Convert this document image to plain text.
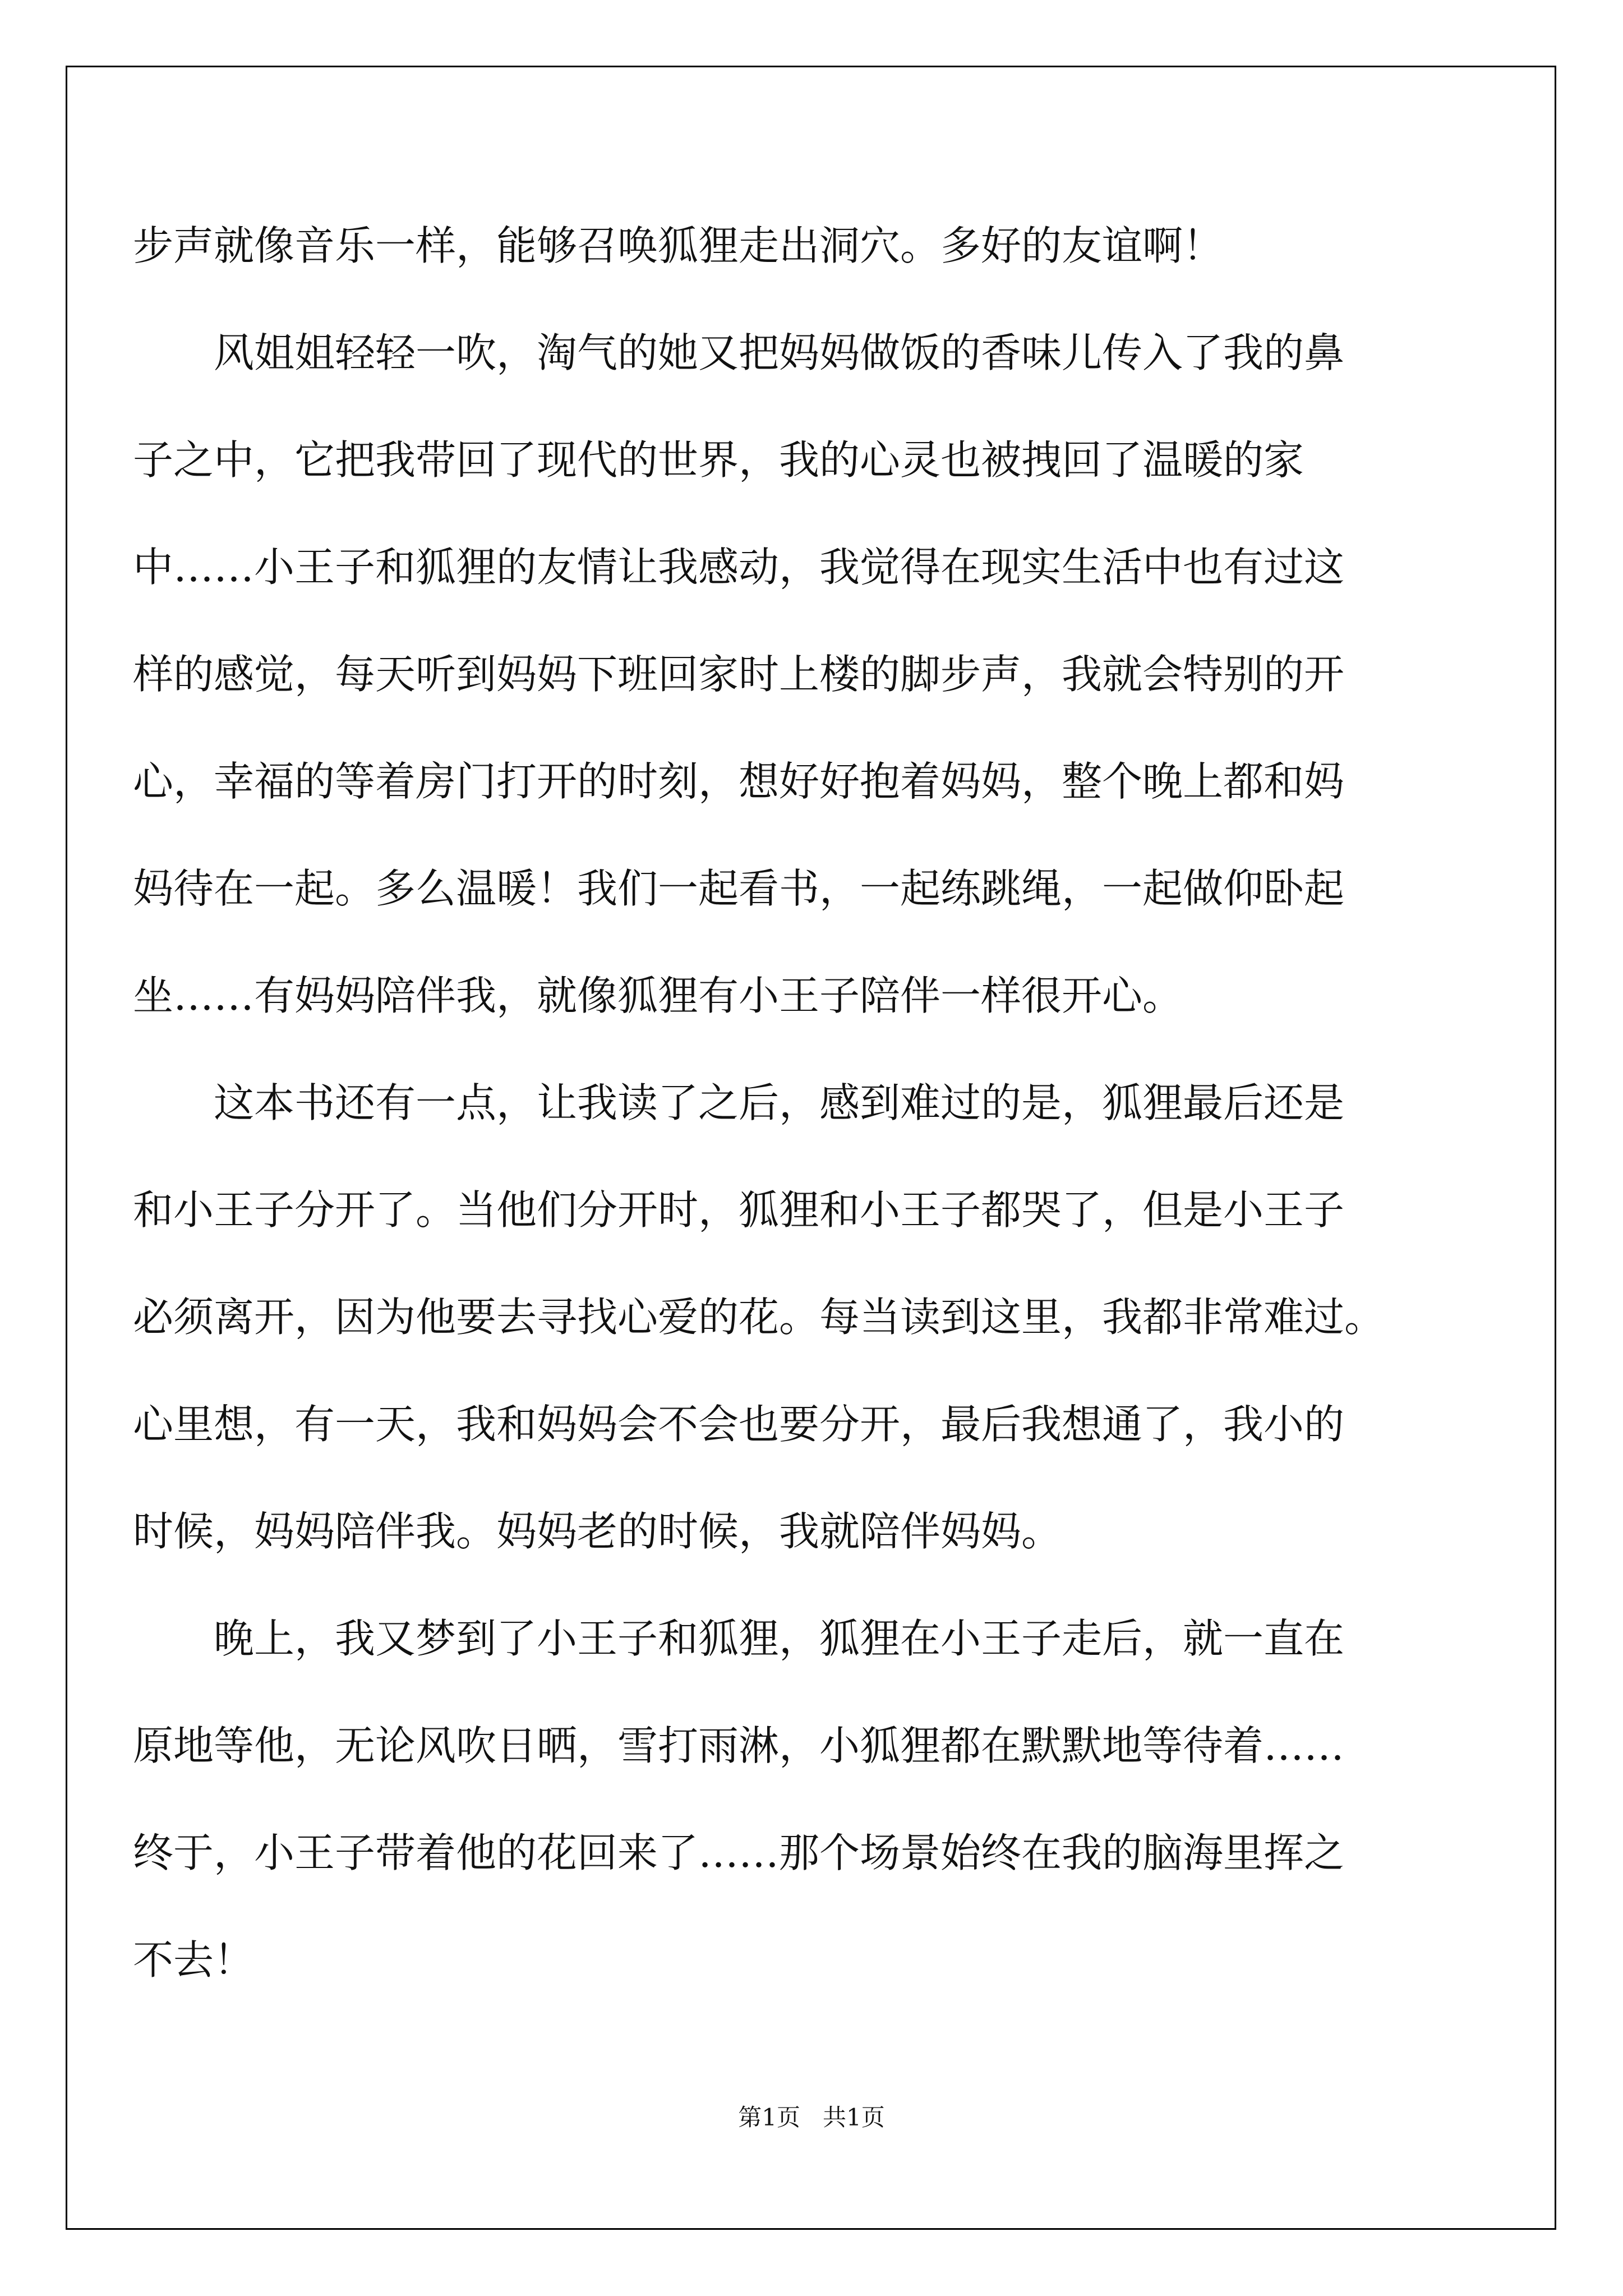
步声就像音乐一样，能够召唤狐狸走出洞穴。多好的友谊啊！
风姐姐轻轻一吹，淘气的她又把妈妈做饭的香味儿传入了我的鼻
子之中，它把我带回了现代的世界，我的心灵也被拽回了温暖的家
中……小王子和狐狸的友情让我感动，我觉得在现实生活中也有过这
样的感觉，每天听到妈妈下班回家时上楼的脚步声，我就会特别的开
心，幸福的等着房门打开的时刻，想好好抱着妈妈，整个晚上都和妈
妈待在一起。多么温暖！我们一起看书，一起练跳绳，一起做仰卧起
坐……有妈妈陪伴我，就像狐狸有小王子陪伴一样很开心。
这本书还有一点，让我读了之后，感到难过的是，狐狸最后还是
和小王子分开了。当他们分开时，狐狸和小王子都哭了，但是小王子
必须离开，因为他要去寻找心爱的花。每当读到这里，我都非常难过。
心里想，有一天，我和妈妈会不会也要分开，最后我想通了，我小的
时候，妈妈陪伴我。妈妈老的时候，我就陪伴妈妈。
晚上，我又梦到了小王子和狐狸，狐狸在小王子走后，就一直在
原地等他，无论风吹日晒，雪打雨淋，小狐狸都在默默地等待着……
终于，小王子带着他的花回来了……那个场景始终在我的脑海里挥之
不去！
第1页   共1页
